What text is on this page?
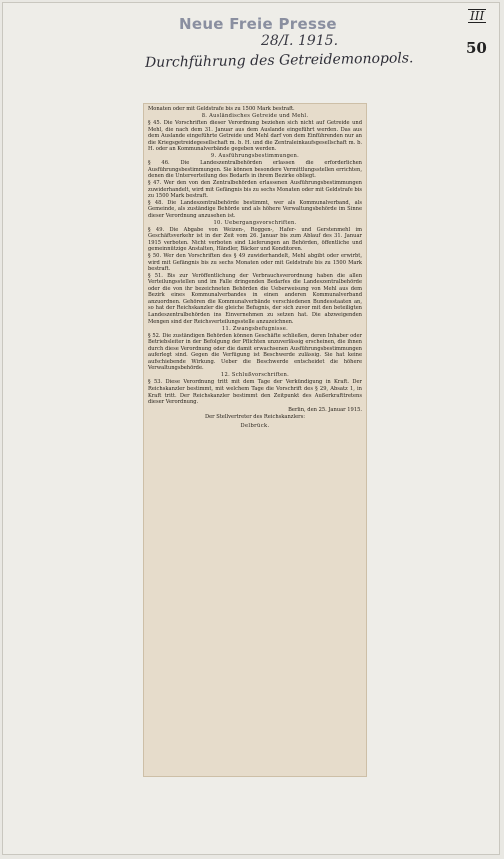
III
50
Neue Freie Presse
28/I. 1915.
Durchführung des Getreidemonopols.

Monaten oder mit Geldstrafe bis zu 1500 Mark bestraft.

8. Ausländisches Getreide und Mehl.

§ 45. Die Vorschriften dieser Verordnung beziehen sich nicht auf Getreide und Mehl, die nach dem 31. Januar aus dem Auslande eingeführt werden. Das aus dem Auslande eingeführte Getreide und Mehl darf von dem Einführenden nur an die Kriegsgetreidegesellschaft m. b. H. und die Zentraleinkaufsgesellschaft m. b. H. oder an Kommunalverbände gegeben werden.

9. Ausführungsbestimmungen.

§ 46. Die Landeszentralbehörden erlassen die erforderlichen Ausführungsbestimmungen. Sie können besondere Vermittlungsstellen errichten, denen die Unterverteilung des Bedarfs in ihrem Bezirke obliegt.

§ 47. Wer den von den Zentralbehörden erlassenen Ausführungsbestimmungen zuwiderhandelt, wird mit Gefängnis bis zu sechs Monaten oder mit Geldstrafe bis zu 1500 Mark bestraft.

§ 48. Die Landeszentralbehörde bestimmt, wer als Kommunalverband, als Gemeinde, als zuständige Behörde und als höhere Verwaltungsbehörde im Sinne dieser Verordnung anzusehen ist.

10. Uebergangsvorschriften.

§ 49. Die Abgabe von Weizen-, Roggen-, Hafer- und Gerstenmehl im Geschäftsverkehr ist in der Zeit vom 26. Januar bis zum Ablauf des 31. Januar 1915 verboten. Nicht verboten sind Lieferungen an Behörden, öffentliche und gemeinnützige Anstalten, Händler, Bäcker und Konditoren.

§ 50. Wer den Vorschriften des § 49 zuwiderhandelt, Mehl abgibt oder erwirbt, wird mit Gefängnis bis zu sechs Monaten oder mit Geldstrafe bis zu 1500 Mark bestraft.

§ 51. Bis zur Veröffentlichung der Verbrauchsverordnung haben die allen Verteilungsstellen und im Falle dringenden Bedarfes die Landeszentralbehörde oder die von ihr bezeichneten Behörden die Ueberweisung von Mehl aus dem Bezirk eines Kommunalverbandes in einen anderen Kommunalverband anzuordnen. Gehören die Kommunalverbände verschiedenen Bundesstaaten an, so hat der Reichskanzler die gleiche Befugnis, der sich zuvor mit den beteiligten Landeszentralbehörden ins Einvernehmen zu setzen hat. Die abzweigenden Mengen sind der Reichsverteilungsstelle anzuzeichnen.

11. Zwangsbefugnisse.

§ 52. Die zuständigen Behörden können Geschäfte schließen, deren Inhaber oder Betriebsleiter in der Befolgung der Pflichten unzuverlässig erscheinen, die ihnen durch diese Verordnung oder die damit erwachsenen Ausführungsbestimmungen auferlegt sind. Gegen die Verfügung ist Beschwerde zulässig. Sie hat keine aufschiebende Wirkung. Ueber die Beschwerde entscheidet die höhere Verwaltungsbehörde.

12. Schlußvorschriften.

§ 53. Diese Verordnung tritt mit dem Tage der Verkündigung in Kraft. Der Reichskanzler bestimmt, mit welchem Tage die Vorschrift des § 29, Absatz 1, in Kraft tritt. Der Reichskanzler bestimmt den Zeitpunkt des Außerkrafttretens dieser Verordnung.

Berlin, den 25. Januar 1915.

Der Stellvertreter des Reichskanzlers:

Delbrück.
